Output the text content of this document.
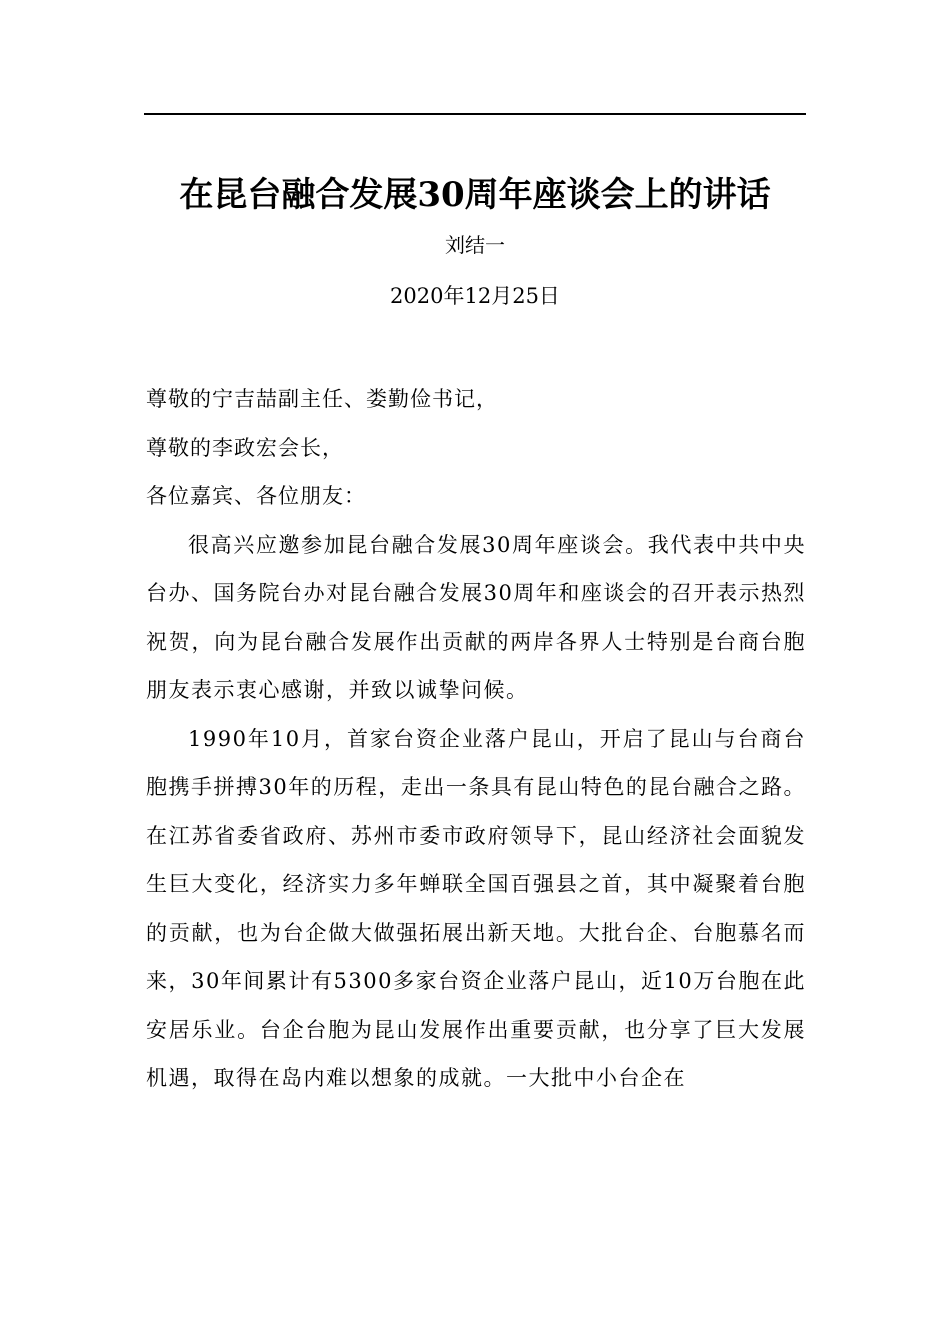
在昆台融合发展30周年座谈会上的讲话
刘结一
2020年12月25日

尊敬的宁吉喆副主任、娄勤俭书记，

尊敬的李政宏会长，

各位嘉宾、各位朋友：

很高兴应邀参加昆台融合发展30周年座谈会。我代表中共中央台办、国务院台办对昆台融合发展30周年和座谈会的召开表示热烈祝贺，向为昆台融合发展作出贡献的两岸各界人士特别是台商台胞朋友表示衷心感谢，并致以诚挚问候。

1990年10月，首家台资企业落户昆山，开启了昆山与台商台胞携手拼搏30年的历程，走出一条具有昆山特色的昆台融合之路。在江苏省委省政府、苏州市委市政府领导下，昆山经济社会面貌发生巨大变化，经济实力多年蝉联全国百强县之首，其中凝聚着台胞的贡献，也为台企做大做强拓展出新天地。大批台企、台胞慕名而来，30年间累计有5300多家台资企业落户昆山，近10万台胞在此安居乐业。台企台胞为昆山发展作出重要贡献，也分享了巨大发展机遇，取得在岛内难以想象的成就。一大批中小台企在
